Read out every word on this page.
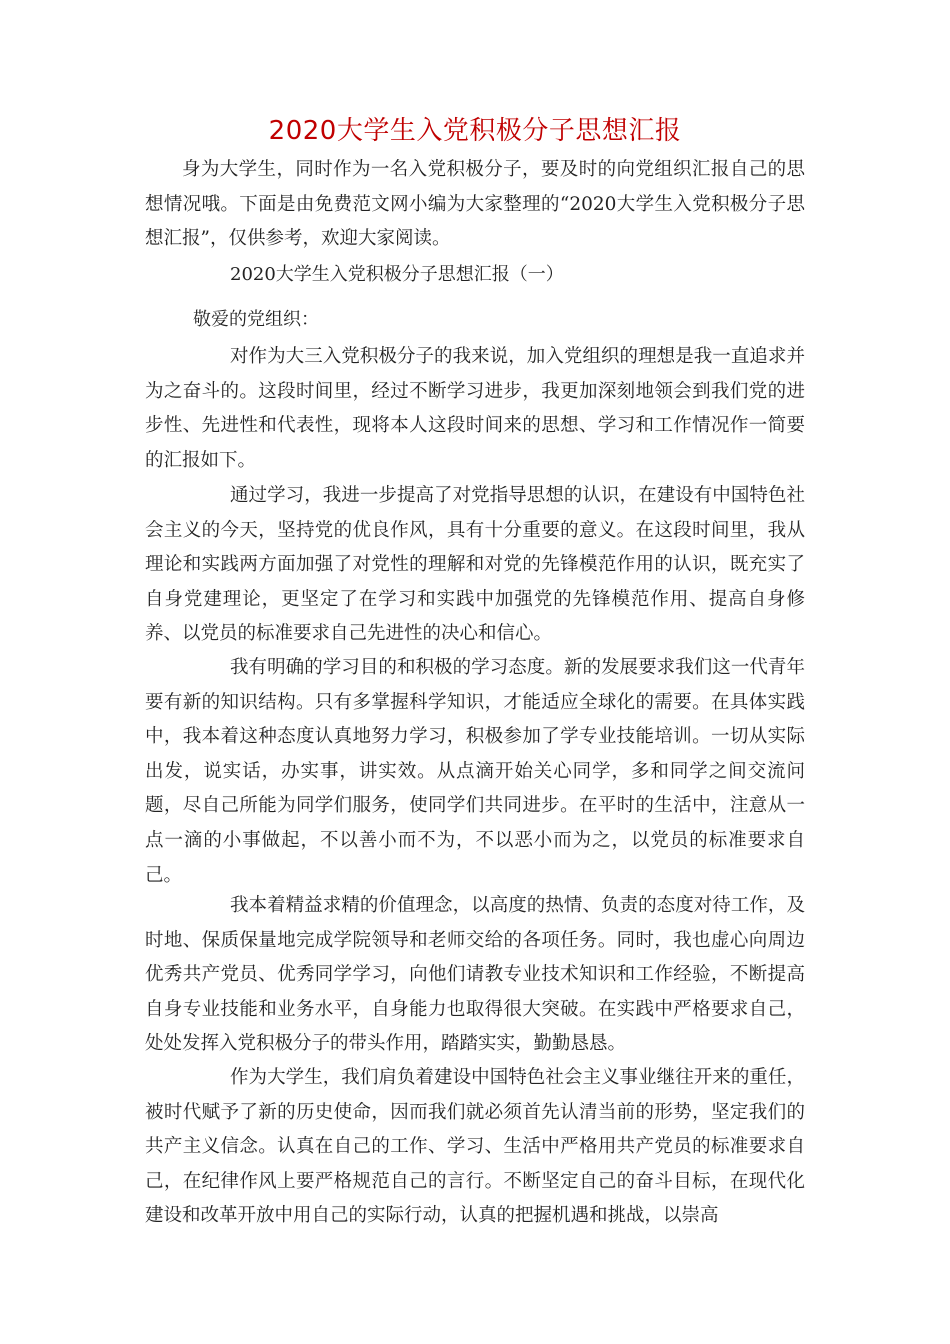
2020大学生入党积极分子思想汇报

身为大学生，同时作为一名入党积极分子，要及时的向党组织汇报自己的思想情况哦。下面是由免费范文网小编为大家整理的“2020大学生入党积极分子思想汇报”，仅供参考，欢迎大家阅读。

2020大学生入党积极分子思想汇报（一）

敬爱的党组织：

对作为大三入党积极分子的我来说，加入党组织的理想是我一直追求并为之奋斗的。这段时间里，经过不断学习进步，我更加深刻地领会到我们党的进步性、先进性和代表性，现将本人这段时间来的思想、学习和工作情况作一简要的汇报如下。

通过学习，我进一步提高了对党指导思想的认识，在建设有中国特色社会主义的今天，坚持党的优良作风，具有十分重要的意义。在这段时间里，我从理论和实践两方面加强了对党性的理解和对党的先锋模范作用的认识，既充实了自身党建理论，更坚定了在学习和实践中加强党的先锋模范作用、提高自身修养、以党员的标准要求自己先进性的决心和信心。

我有明确的学习目的和积极的学习态度。新的发展要求我们这一代青年要有新的知识结构。只有多掌握科学知识，才能适应全球化的需要。在具体实践中，我本着这种态度认真地努力学习，积极参加了学专业技能培训。一切从实际出发，说实话，办实事，讲实效。从点滴开始关心同学，多和同学之间交流问题，尽自己所能为同学们服务，使同学们共同进步。在平时的生活中，注意从一点一滴的小事做起，不以善小而不为，不以恶小而为之，以党员的标准要求自己。

我本着精益求精的价值理念，以高度的热情、负责的态度对待工作，及时地、保质保量地完成学院领导和老师交给的各项任务。同时，我也虚心向周边优秀共产党员、优秀同学学习，向他们请教专业技术知识和工作经验，不断提高自身专业技能和业务水平，自身能力也取得很大突破。在实践中严格要求自己，处处发挥入党积极分子的带头作用，踏踏实实，勤勤恳恳。

作为大学生，我们肩负着建设中国特色社会主义事业继往开来的重任，被时代赋予了新的历史使命，因而我们就必须首先认清当前的形势，坚定我们的共产主义信念。认真在自己的工作、学习、生活中严格用共产党员的标准要求自己，在纪律作风上要严格规范自己的言行。不断坚定自己的奋斗目标，在现代化建设和改革开放中用自己的实际行动，认真的把握机遇和挑战，以崇高
